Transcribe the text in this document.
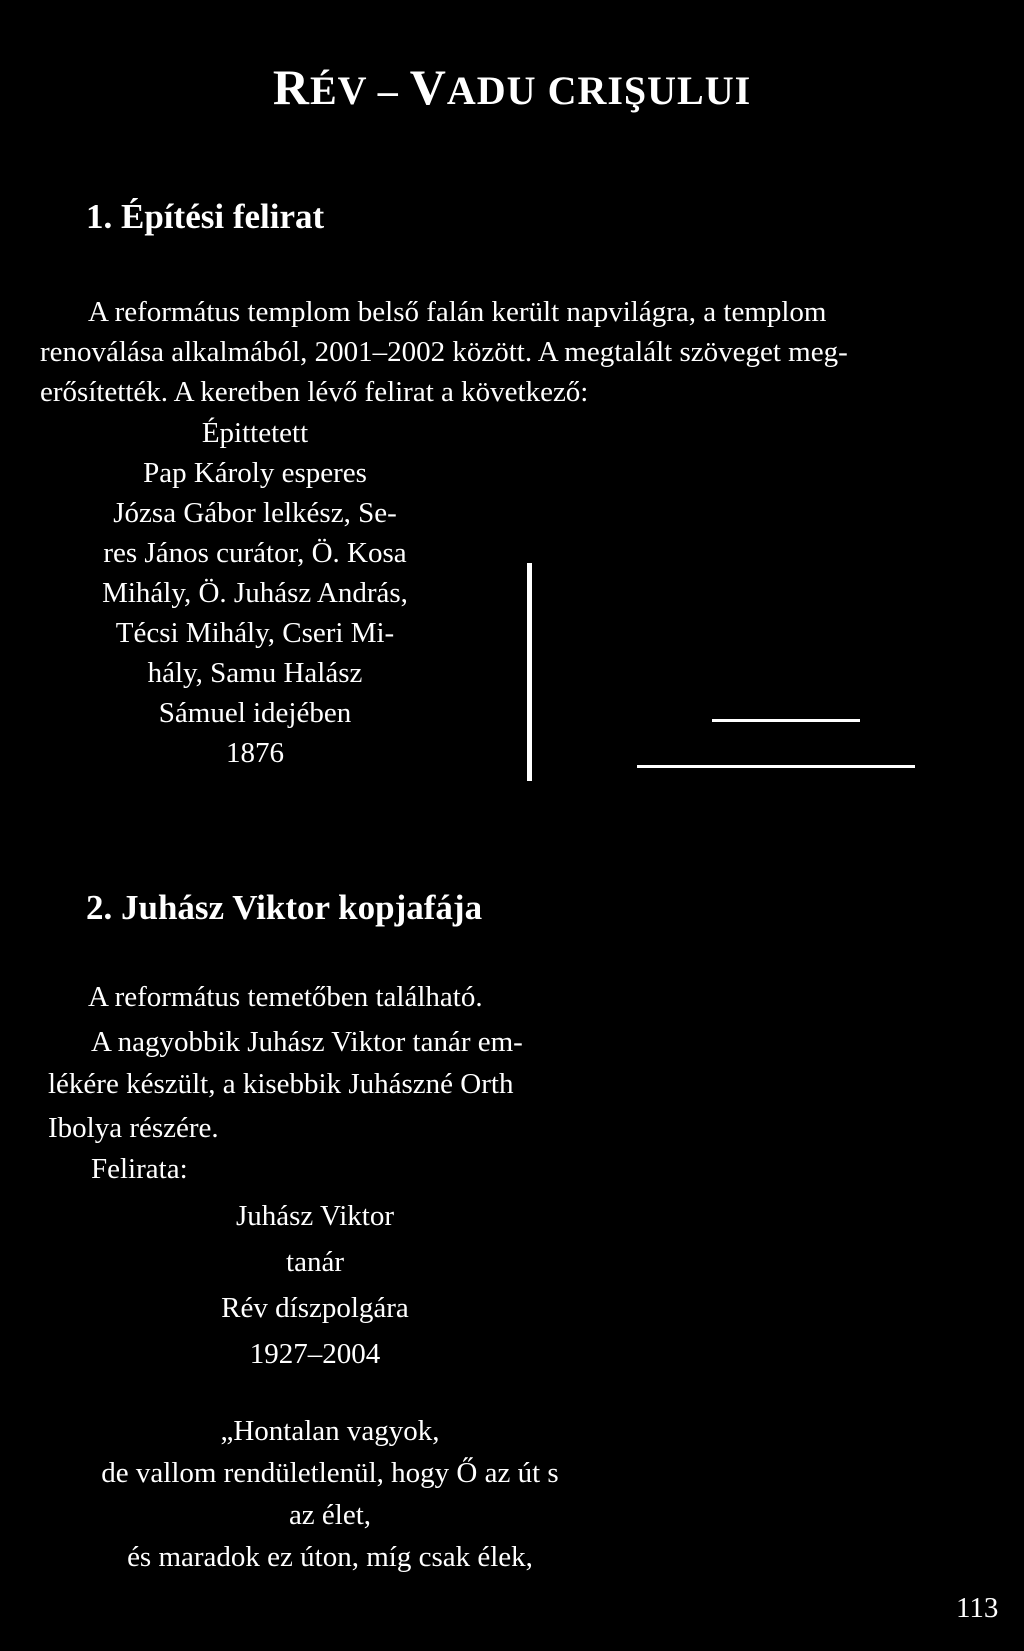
RÉV – VADU CRIŞULUI
1. Építési felirat
A református templom belső falán került napvilágra, a templom
renoválása alkalmából, 2001–2002 között. A megtalált szöveget meg-
erősítették. A keretben lévő felirat a következő:
Épittetett
Pap Károly esperes
Józsa Gábor lelkész, Se-
res János curátor, Ö. Kosa
Mihály, Ö. Juhász András,
Técsi Mihály, Cseri Mi-
hály, Samu Halász
Sámuel idejében
1876
2. Juhász Viktor kopjafája
A református temetőben található.
A nagyobbik Juhász Viktor tanár em-
lékére készült, a kisebbik Juhászné Orth
Ibolya részére.
Felirata:
Juhász Viktor
tanár
Rév díszpolgára
1927–2004
„Hontalan vagyok,
de vallom rendületlenül, hogy Ő az út s
az élet,
és maradok ez úton, míg csak élek,
113
